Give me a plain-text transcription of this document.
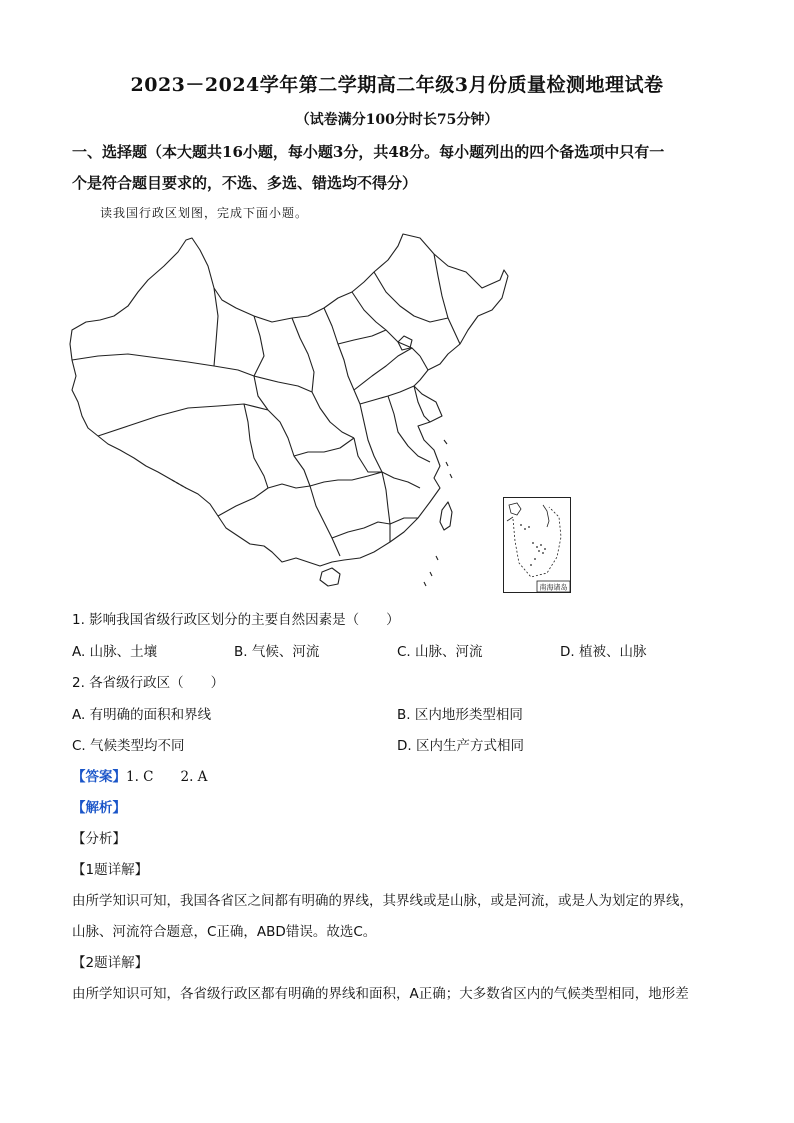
2023－2024学年第二学期高二年级3月份质量检测地理试卷
（试卷满分100分时长75分钟）
一、选择题（本大题共16小题，每小题3分，共48分。每小题列出的四个备选项中只有一
个是符合题目要求的，不选、多选、错选均不得分）
读我国行政区划图，完成下面小题。
南海诸岛
1. 影响我国省级行政区划分的主要自然因素是（　　）
A. 山脉、土壤	B. 气候、河流	C. 山脉、河流	D. 植被、山脉
2. 各省级行政区（　　）
A. 有明确的面积和界线	B. 区内地形类型相同
C. 气候类型均不同	D. 区内生产方式相同
【答案】1. C　　2. A
【解析】
【分析】
【1题详解】
由所学知识可知，我国各省区之间都有明确的界线，其界线或是山脉，或是河流，或是人为划定的界线，
山脉、河流符合题意，C正确，ABD错误。故选C。
【2题详解】
由所学知识可知，各省级行政区都有明确的界线和面积，A正确；大多数省区内的气候类型相同，地形差
